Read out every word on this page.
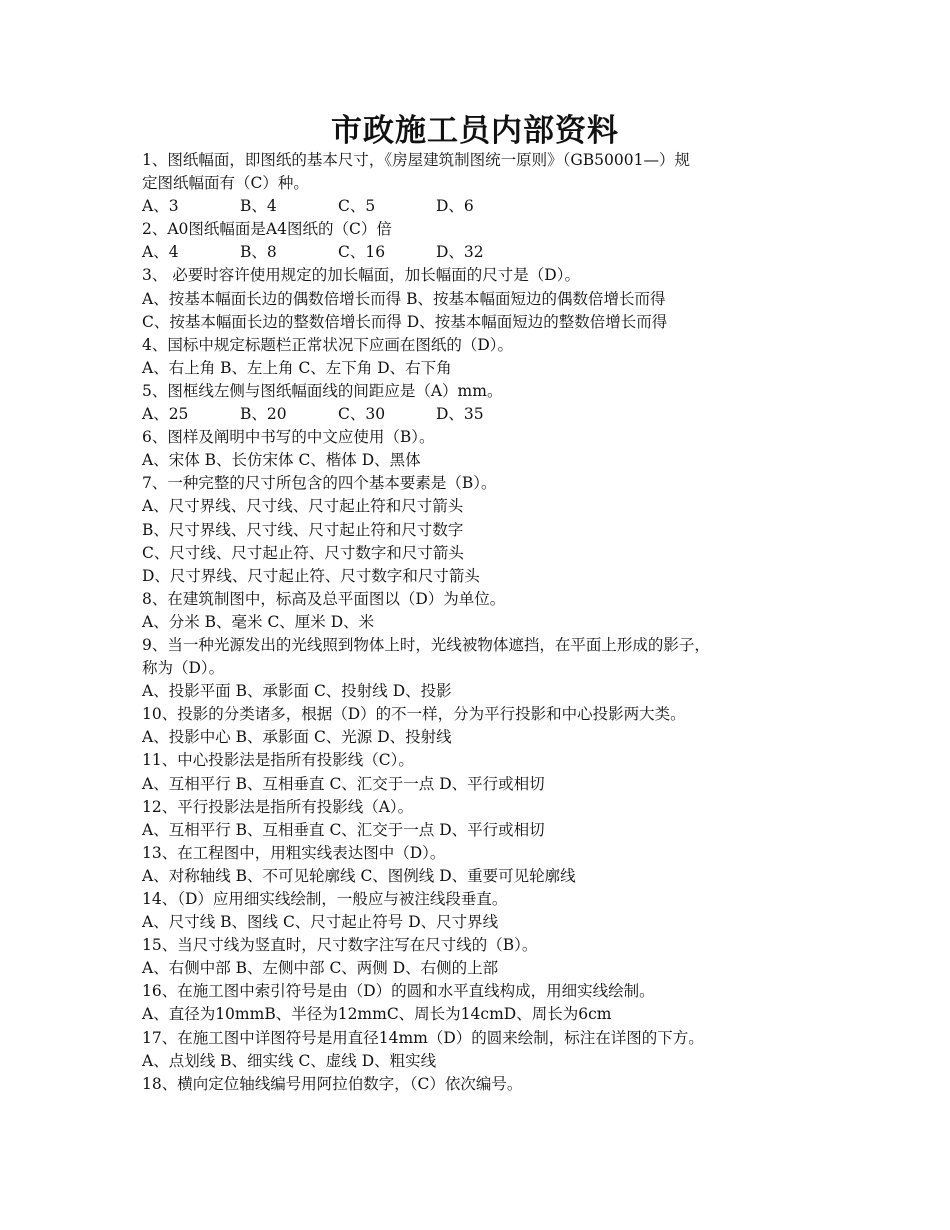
市政施工员内部资料
1、图纸幅面，即图纸的基本尺寸，《房屋建筑制图统一原则》（GB50001—）规
定图纸幅面有（C）种。
A、3	B、4	C、5	D、6
2、A0图纸幅面是A4图纸的（C）倍
A、4	B、8	C、16	D、32
3、 必要时容许使用规定的加长幅面，加长幅面的尺寸是（D）。
A、按基本幅面长边的偶数倍增长而得 B、按基本幅面短边的偶数倍增长而得
C、按基本幅面长边的整数倍增长而得 D、按基本幅面短边的整数倍增长而得
4、国标中规定标题栏正常状况下应画在图纸的（D）。
A、右上角 B、左上角 C、左下角 D、右下角
5、图框线左侧与图纸幅面线的间距应是（A）mm。
A、25	B、20	C、30	D、35
6、图样及阐明中书写的中文应使用（B）。
A、宋体 B、长仿宋体 C、楷体 D、黑体
7、一种完整的尺寸所包含的四个基本要素是（B）。
A、尺寸界线、尺寸线、尺寸起止符和尺寸箭头
B、尺寸界线、尺寸线、尺寸起止符和尺寸数字
C、尺寸线、尺寸起止符、尺寸数字和尺寸箭头
D、尺寸界线、尺寸起止符、尺寸数字和尺寸箭头
8、在建筑制图中，标高及总平面图以（D）为单位。
A、分米 B、毫米 C、厘米 D、米
9、当一种光源发出的光线照到物体上时，光线被物体遮挡，在平面上形成的影子，
称为（D）。
A、投影平面 B、承影面 C、投射线 D、投影
10、投影的分类诸多，根据（D）的不一样，分为平行投影和中心投影两大类。
A、投影中心 B、承影面 C、光源 D、投射线
11、中心投影法是指所有投影线（C）。
A、互相平行 B、互相垂直 C、汇交于一点 D、平行或相切
12、平行投影法是指所有投影线（A）。
A、互相平行 B、互相垂直 C、汇交于一点 D、平行或相切
13、在工程图中，用粗实线表达图中（D）。
A、对称轴线 B、不可见轮廓线 C、图例线 D、重要可见轮廓线
14、（D）应用细实线绘制，一般应与被注线段垂直。
A、尺寸线 B、图线 C、尺寸起止符号 D、尺寸界线
15、当尺寸线为竖直时，尺寸数字注写在尺寸线的（B）。
A、右侧中部 B、左侧中部 C、两侧 D、右侧的上部
16、在施工图中索引符号是由（D）的圆和水平直线构成，用细实线绘制。
A、直径为10mmB、半径为12mmC、周长为14cmD、周长为6cm
17、在施工图中详图符号是用直径14mm（D）的圆来绘制，标注在详图的下方。
A、点划线 B、细实线 C、虚线 D、粗实线
18、横向定位轴线编号用阿拉伯数字，（C）依次编号。
